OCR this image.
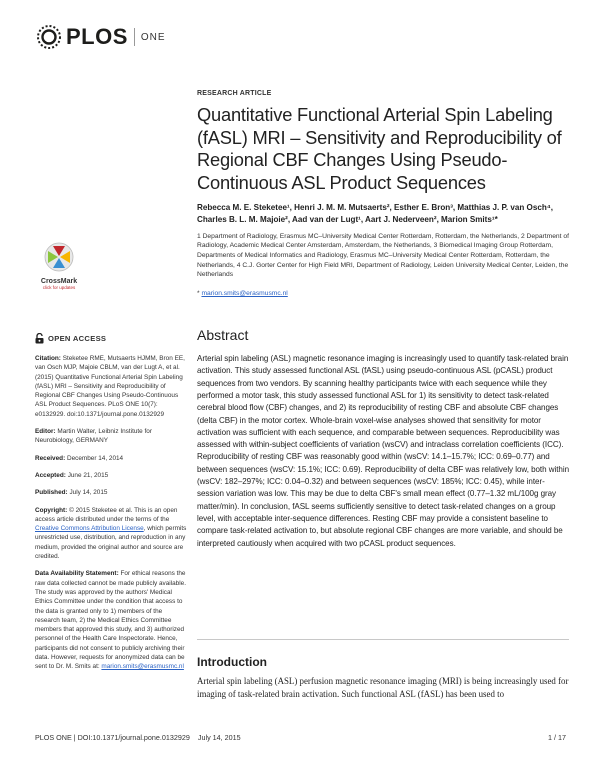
PLOS ONE
CrossMark
click for updates
OPEN ACCESS

Citation: Steketee RME, Mutsaerts HJMM, Bron EE, van Osch MJP, Majoie CBLM, van der Lugt A, et al. (2015) Quantitative Functional Arterial Spin Labeling (fASL) MRI – Sensitivity and Reproducibility of Regional CBF Changes Using Pseudo-Continuous ASL Product Sequences. PLoS ONE 10(7): e0132929. doi:10.1371/journal.pone.0132929

Editor: Martin Walter, Leibniz Institute for Neurobiology, GERMANY

Received: December 14, 2014

Accepted: June 21, 2015

Published: July 14, 2015

Copyright: © 2015 Steketee et al. This is an open access article distributed under the terms of the Creative Commons Attribution License, which permits unrestricted use, distribution, and reproduction in any medium, provided the original author and source are credited.

Data Availability Statement: For ethical reasons the raw data collected cannot be made publicly available. The study was approved by the authors' Medical Ethics Committee under the condition that access to the data is granted only to 1) members of the research team, 2) the Medical Ethics Committee members that approved this study, and 3) authorized personnel of the Health Care Inspectorate. Hence, participants did not consent to publicly archiving their data. However, requests for anonymized data can be sent to Dr. M. Smits at: marion.smits@erasmusmc.nl

RESEARCH ARTICLE
Quantitative Functional Arterial Spin Labeling (fASL) MRI – Sensitivity and Reproducibility of Regional CBF Changes Using Pseudo-Continuous ASL Product Sequences
Rebecca M. E. Steketee¹, Henri J. M. M. Mutsaerts², Esther E. Bron³, Matthias J. P. van Osch⁴, Charles B. L. M. Majoie², Aad van der Lugt¹, Aart J. Nederveen², Marion Smits¹*
1 Department of Radiology, Erasmus MC–University Medical Center Rotterdam, Rotterdam, the Netherlands, 2 Department of Radiology, Academic Medical Center Amsterdam, Amsterdam, the Netherlands, 3 Biomedical Imaging Group Rotterdam, Departments of Medical Informatics and Radiology, Erasmus MC–University Medical Center Rotterdam, Rotterdam, the Netherlands, 4 C.J. Gorter Center for High Field MRI, Department of Radiology, Leiden University Medical Center, Leiden, the Netherlands
* marion.smits@erasmusmc.nl
Abstract
Arterial spin labeling (ASL) magnetic resonance imaging is increasingly used to quantify task-related brain activation. This study assessed functional ASL (fASL) using pseudo-continuous ASL (pCASL) product sequences from two vendors. By scanning healthy participants twice with each sequence while they performed a motor task, this study assessed functional ASL for 1) its sensitivity to detect task-related cerebral blood flow (CBF) changes, and 2) its reproducibility of resting CBF and absolute CBF changes (delta CBF) in the motor cortex. Whole-brain voxel-wise analyses showed that sensitivity for motor activation was sufficient with each sequence, and comparable between sequences. Reproducibility was assessed with within-subject coefficients of variation (wsCV) and intraclass correlation coefficients (ICC). Reproducibility of resting CBF was reasonably good within (wsCV: 14.1–15.7%; ICC: 0.69–0.77) and between sequences (wsCV: 15.1%; ICC: 0.69). Reproducibility of delta CBF was relatively low, both within (wsCV: 182–297%; ICC: 0.04–0.32) and between sequences (wsCV: 185%; ICC: 0.45), while inter-session variation was low. This may be due to delta CBF's small mean effect (0.77–1.32 mL/100g gray matter/min). In conclusion, fASL seems sufficiently sensitive to detect task-related changes on a group level, with acceptable inter-sequence differences. Resting CBF may provide a consistent baseline to compare task-related activation to, but absolute regional CBF changes are more variable, and should be interpreted cautiously when acquired with two pCASL product sequences.
Introduction
Arterial spin labeling (ASL) perfusion magnetic resonance imaging (MRI) is being increasingly used for imaging of task-related brain activation. Such functional ASL (fASL) has been used to
PLOS ONE | DOI:10.1371/journal.pone.0132929    July 14, 2015	1 / 17
